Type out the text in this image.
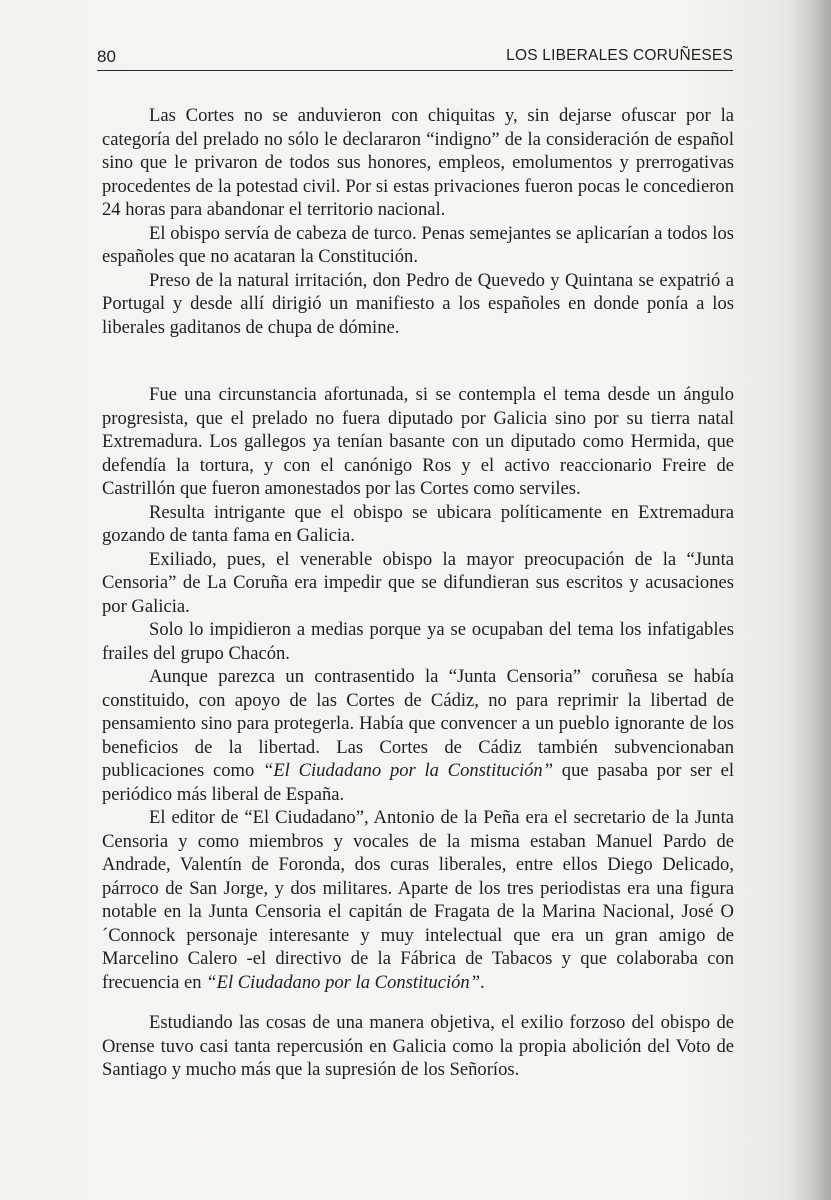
80	LOS LIBERALES CORUÑESES

Las Cortes no se anduvieron con chiquitas y, sin dejarse ofuscar por la categoría del prelado no sólo le declararon “indigno” de la consideración de español sino que le privaron de todos sus honores, empleos, emolumentos y prerrogativas procedentes de la potestad civil. Por si estas privaciones fueron pocas le concedieron 24 horas para abandonar el territorio nacional.

El obispo servía de cabeza de turco. Penas semejantes se aplicarían a todos los españoles que no acataran la Constitución.

Preso de la natural irritación, don Pedro de Quevedo y Quintana se expatrió a Portugal y desde allí dirigió un manifiesto a los españoles en donde ponía a los liberales gaditanos de chupa de dómine.

Fue una circunstancia afortunada, si se contempla el tema desde un ángulo progresista, que el prelado no fuera diputado por Galicia sino por su tierra natal Extremadura. Los gallegos ya tenían basante con un diputado como Hermida, que defendía la tortura, y con el canónigo Ros y el activo reaccionario Freire de Castrillón que fueron amonestados por las Cortes como serviles.

Resulta intrigante que el obispo se ubicara políticamente en Extremadura gozando de tanta fama en Galicia.

Exiliado, pues, el venerable obispo la mayor preocupación de la “Junta Censoria” de La Coruña era impedir que se difundieran sus escritos y acusaciones por Galicia.

Solo lo impidieron a medias porque ya se ocupaban del tema los infatigables frailes del grupo Chacón.

Aunque parezca un contrasentido la “Junta Censoria” coruñesa se había constituido, con apoyo de las Cortes de Cádiz, no para reprimir la libertad de pensamiento sino para protegerla. Había que convencer a un pueblo ignorante de los beneficios de la libertad. Las Cortes de Cádiz también subvencionaban publicaciones como “El Ciudadano por la Constitución” que pasaba por ser el periódico más liberal de España.

El editor de “El Ciudadano”, Antonio de la Peña era el secretario de la Junta Censoria y como miembros y vocales de la misma estaban Manuel Pardo de Andrade, Valentín de Foronda, dos curas liberales, entre ellos Diego Delicado, párroco de San Jorge, y dos militares. Aparte de los tres periodistas era una figura notable en la Junta Censoria el capitán de Fragata de la Marina Nacional, José O´Connock personaje interesante y muy intelectual que era un gran amigo de Marcelino Calero -el directivo de la Fábrica de Tabacos y que colaboraba con frecuencia en “El Ciudadano por la Constitución”.

Estudiando las cosas de una manera objetiva, el exilio forzoso del obispo de Orense tuvo casi tanta repercusión en Galicia como la propia abolición del Voto de Santiago y mucho más que la supresión de los Señoríos.
